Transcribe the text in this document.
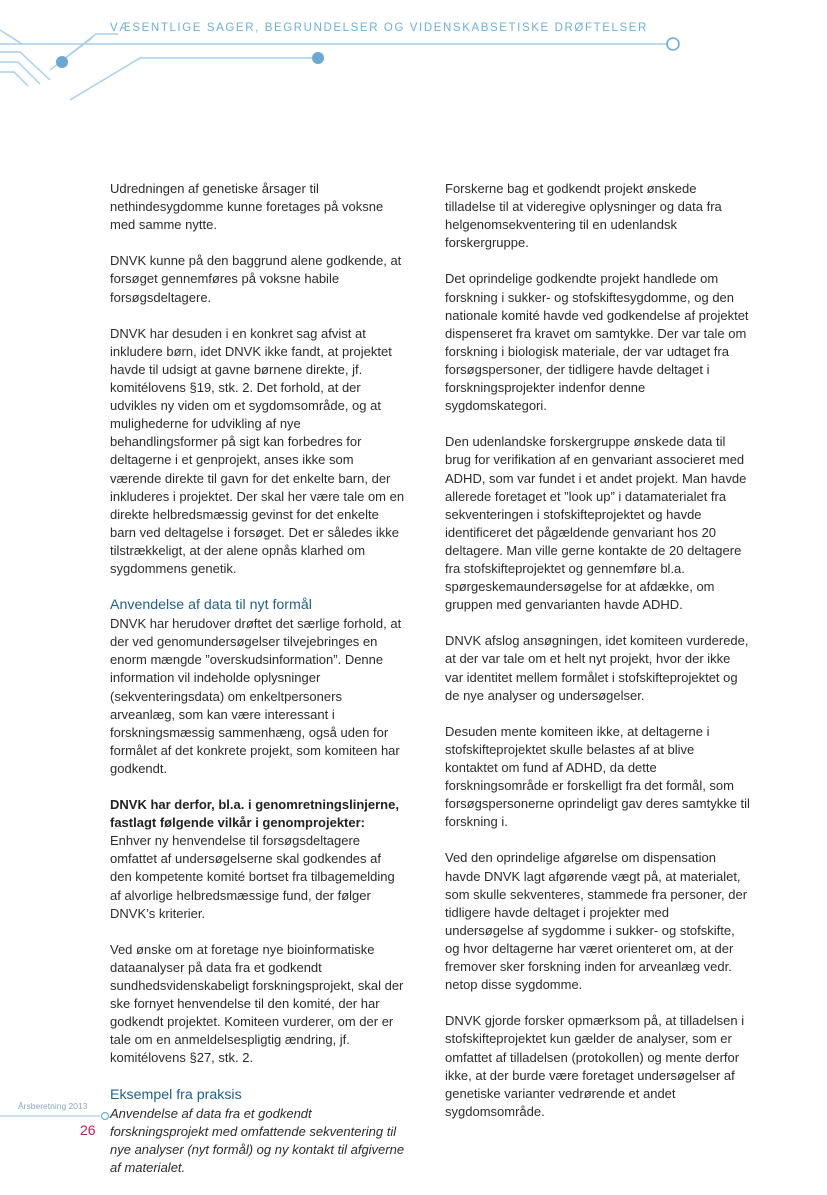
VÆSENTLIGE SAGER, BEGRUNDELSER OG VIDENSKABSETISKE DRØFTELSER

Udredningen af genetiske årsager til nethindesygdomme kunne foretages på voksne med samme nytte.

DNVK kunne på den baggrund alene godkende, at forsøget gennemføres på voksne habile forsøgsdeltagere.

DNVK har desuden i en konkret sag afvist at inkludere børn, idet DNVK ikke fandt, at projektet havde til udsigt at gavne børnene direkte, jf. komitélovens §19, stk. 2. Det forhold, at der udvikles ny viden om et sygdomsområde, og at mulighederne for udvikling af nye behandlingsformer på sigt kan forbedres for deltagerne i et genprojekt, anses ikke som værende direkte til gavn for det enkelte barn, der inkluderes i projektet. Der skal her være tale om en direkte helbredsmæssig gevinst for det enkelte barn ved deltagelse i forsøget. Det er således ikke tilstrækkeligt, at der alene opnås klarhed om sygdommens genetik.

Anvendelse af data til nyt formål

DNVK har herudover drøftet det særlige forhold, at der ved genomundersøgelser tilvejebringes en enorm mængde ”overskudsinformation”. Denne information vil indeholde oplysninger (sekventeringsdata) om enkeltpersoners arveanlæg, som kan være interessant i forskningsmæssig sammenhæng, også uden for formålet af det konkrete projekt, som komiteen har godkendt.

DNVK har derfor, bl.a. i genomretningslinjerne, fastlagt følgende vilkår i genomprojekter:

Enhver ny henvendelse til forsøgsdeltagere omfattet af undersøgelserne skal godkendes af den kompetente komité bortset fra tilbagemelding af alvorlige helbredsmæssige fund, der følger DNVK’s kriterier.

Ved ønske om at foretage nye bioinformatiske dataanalyser på data fra et godkendt sundhedsvidenskabeligt forskningsprojekt, skal der ske fornyet henvendelse til den komité, der har godkendt projektet. Komiteen vurderer, om der er tale om en anmeldelsespligtig ændring, jf. komitélovens §27, stk. 2.

Eksempel fra praksis

Anvendelse af data fra et godkendt forskningsprojekt med omfattende sekventering til nye analyser (nyt formål) og ny kontakt til afgiverne af materialet.

Forskerne bag et godkendt projekt ønskede tilladelse til at videregive oplysninger og data fra helgenomsekventering til en udenlandsk forskergruppe.

Det oprindelige godkendte projekt handlede om forskning i sukker- og stofskiftesygdomme, og den nationale komité havde ved godkendelse af projektet dispenseret fra kravet om samtykke. Der var tale om forskning i biologisk materiale, der var udtaget fra forsøgspersoner, der tidligere havde deltaget i forskningsprojekter indenfor denne sygdomskategori.

Den udenlandske forskergruppe ønskede data til brug for verifikation af en genvariant associeret med ADHD, som var fundet i et andet projekt. Man havde allerede foretaget et ”look up” i datamaterialet fra sekventeringen i stofskifteprojektet og havde identificeret det pågældende genvariant hos 20 deltagere. Man ville gerne kontakte de 20 deltagere fra stofskifteprojektet og gennemføre bl.a. spørgeskemaundersøgelse for at afdække, om gruppen med genvarianten havde ADHD.

DNVK afslog ansøgningen, idet komiteen vurderede, at der var tale om et helt nyt projekt, hvor der ikke var identitet mellem formålet i stofskifteprojektet og de nye analyser og undersøgelser.

Desuden mente komiteen ikke, at deltagerne i stofskifteprojektet skulle belastes af at blive kontaktet om fund af ADHD, da dette forskningsområde er forskelligt fra det formål, som forsøgspersonerne oprindeligt gav deres samtykke til forskning i.

Ved den oprindelige afgørelse om dispensation havde DNVK lagt afgørende vægt på, at materialet, som skulle sekventeres, stammede fra personer, der tidligere havde deltaget i projekter med undersøgelse af sygdomme i sukker- og stofskifte, og hvor deltagerne har været orienteret om, at der fremover sker forskning inden for arveanlæg vedr. netop disse sygdomme.

DNVK gjorde forsker opmærksom på, at tilladelsen i stofskifteprojektet kun gælder de analyser, som er omfattet af tilladelsen (protokollen) og mente derfor ikke, at der burde være foretaget undersøgelser af genetiske varianter vedrørende et andet sygdomsområde.

Årsberetning 2013
26
